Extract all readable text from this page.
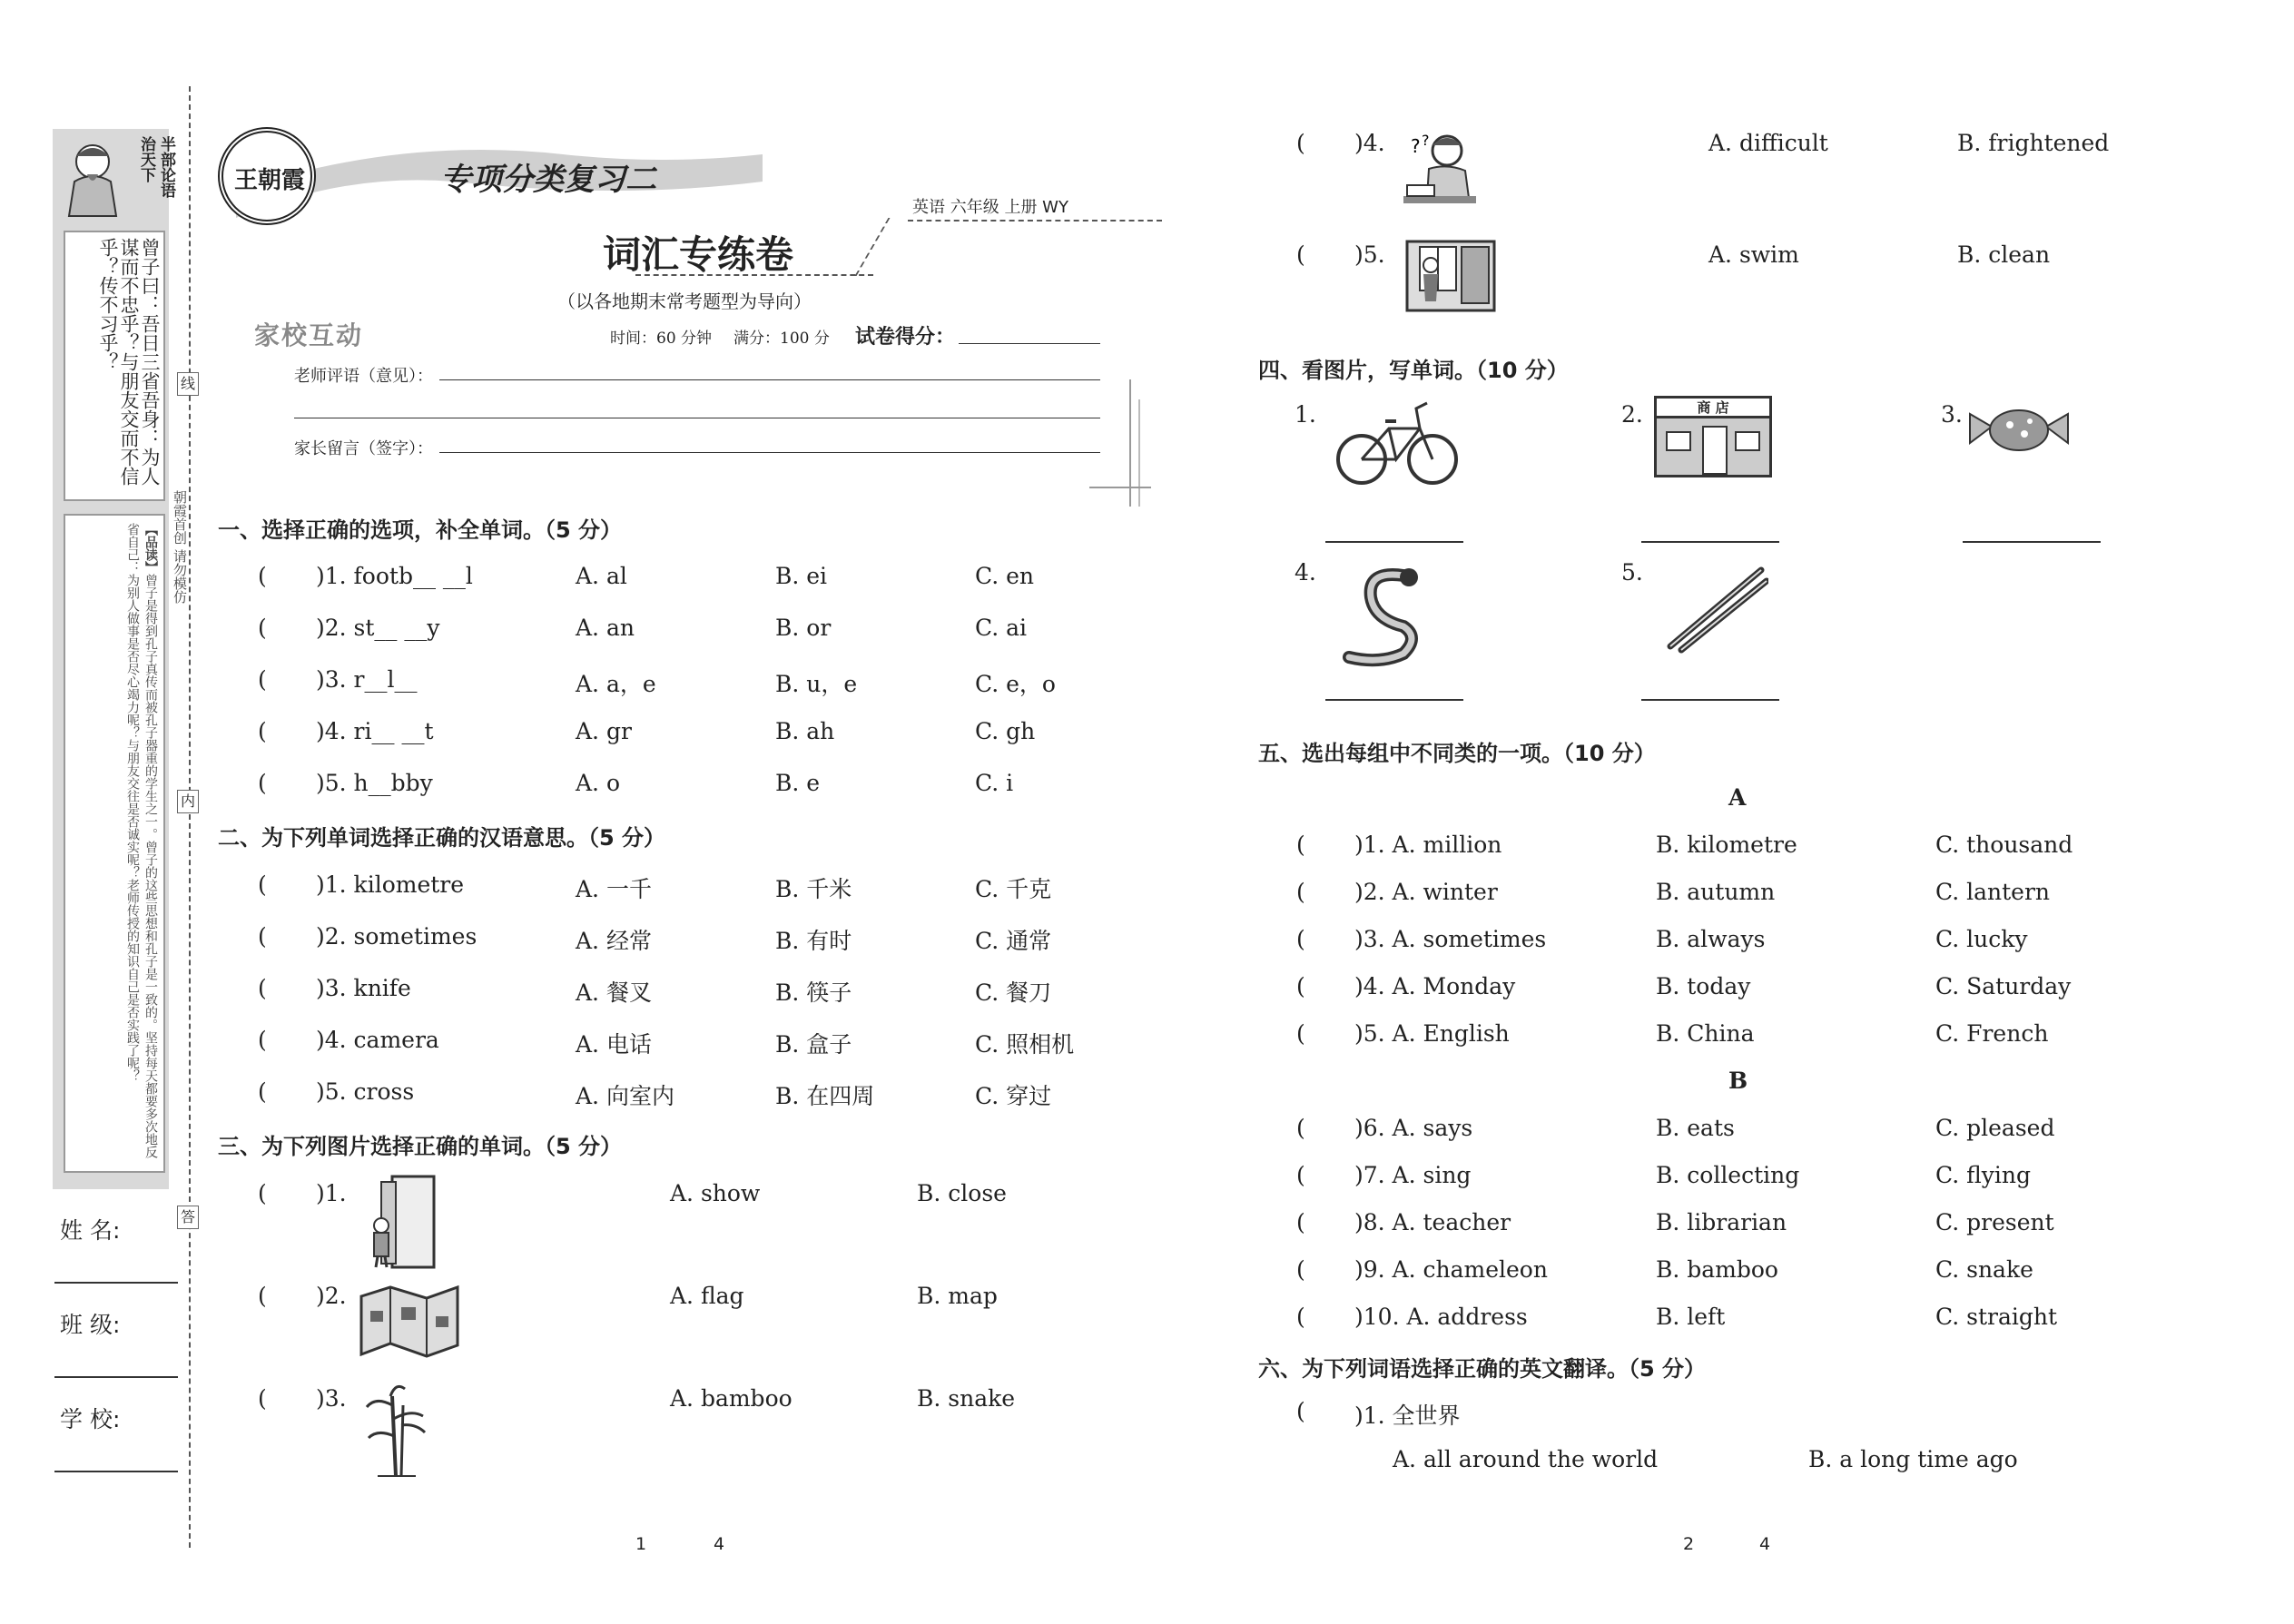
半部论语
治天下
曾子曰：吾日三省吾身：为人谋而不忠乎？与朋友交而不信乎？传不习乎？
【品读】曾子是得到孔子真传而被孔子器重的学生之一。曾子的这些思想和孔子是一致的。坚持每天都要多次地反省自己：为别人做事是否尽心竭力呢？与朋友交往是否诚实呢？老师传授的知识自己是否实践了呢？
姓 名:
班 级:
学 校:
线
内
答
朝霞首创 请勿模仿
王朝霞	专项分类复习二
英语 六年级 上册 WY
词汇专练卷
（以各地期末常考题型为导向）
家校互动	时间：60 分钟 满分：100 分 试卷得分：
老师评语（意见）：
家长留言（签字）：
一、选择正确的选项，补全单词。（5 分）
( )1. footb__ __l	A. al	B. ei	C. en
( )2. st__ __y	A. an	B. or	C. ai
( )3. r__l__	A. a，e	B. u，e	C. e，o
( )4. ri__ __t	A. gr	B. ah	C. gh
( )5. h__bby	A. o	B. e	C. i
二、为下列单词选择正确的汉语意思。（5 分）
( )1. kilometre	A. 一千	B. 千米	C. 千克
( )2. sometimes	A. 经常	B. 有时	C. 通常
( )3. knife	A. 餐叉	B. 筷子	C. 餐刀
( )4. camera	A. 电话	B. 盒子	C. 照相机
( )5. cross	A. 向室内	B. 在四周	C. 穿过
三、为下列图片选择正确的单词。（5 分）
( )1.	A. show	B. close
( )2.	A. flag	B. map
( )3.	A. bamboo	B. snake
1	4
( )4. ? ?	A. difficult	B. frightened
( )5.	A. swim	B. clean
四、看图片，写单词。（10 分）
1.	2.	商 店	3.
4.	5.
五、选出每组中不同类的一项。（10 分）
A
( )1. A. million	B. kilometre	C. thousand
( )2. A. winter	B. autumn	C. lantern
( )3. A. sometimes	B. always	C. lucky
( )4. A. Monday	B. today	C. Saturday
( )5. A. English	B. China	C. French
B
( )6. A. says	B. eats	C. pleased
( )7. A. sing	B. collecting	C. flying
( )8. A. teacher	B. librarian	C. present
( )9. A. chameleon	B. bamboo	C. snake
( )10. A. address	B. left	C. straight
六、为下列词语选择正确的英文翻译。（5 分）
( )1. 全世界
A. all around the world	B. a long time ago
2	4
